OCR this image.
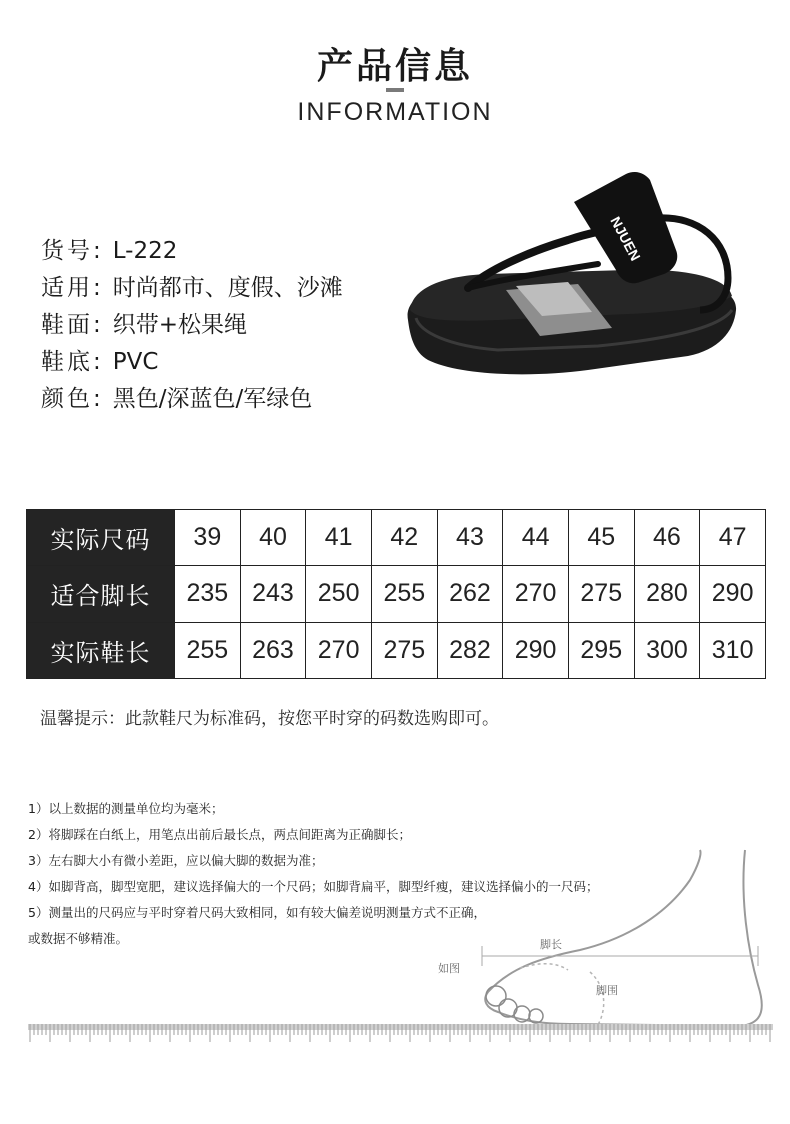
产品信息
INFORMATION
货号: L-222
适用: 时尚都市、度假、沙滩
鞋面: 织带+松果绳
鞋底: PVC
颜色: 黑色/深蓝色/军绿色
NJUEN
实际尺码	39	40	41	42	43	44	45	46	47
适合脚长	235	243	250	255	262	270	275	280	290
实际鞋长	255	263	270	275	282	290	295	300	310
温馨提示：此款鞋尺为标准码，按您平时穿的码数选购即可。
1）以上数据的测量单位均为毫米；
2）将脚踩在白纸上，用笔点出前后最长点，两点间距离为正确脚长；
3）左右脚大小有微小差距，应以偏大脚的数据为准；
4）如脚背高，脚型宽肥，建议选择偏大的一个尺码；如脚背扁平，脚型纤瘦，建议选择偏小的一尺码；
5）测量出的尺码应与平时穿着尺码大致相同，如有较大偏差说明测量方式不正确，
或数据不够精准。	脚长
脚围
如图
